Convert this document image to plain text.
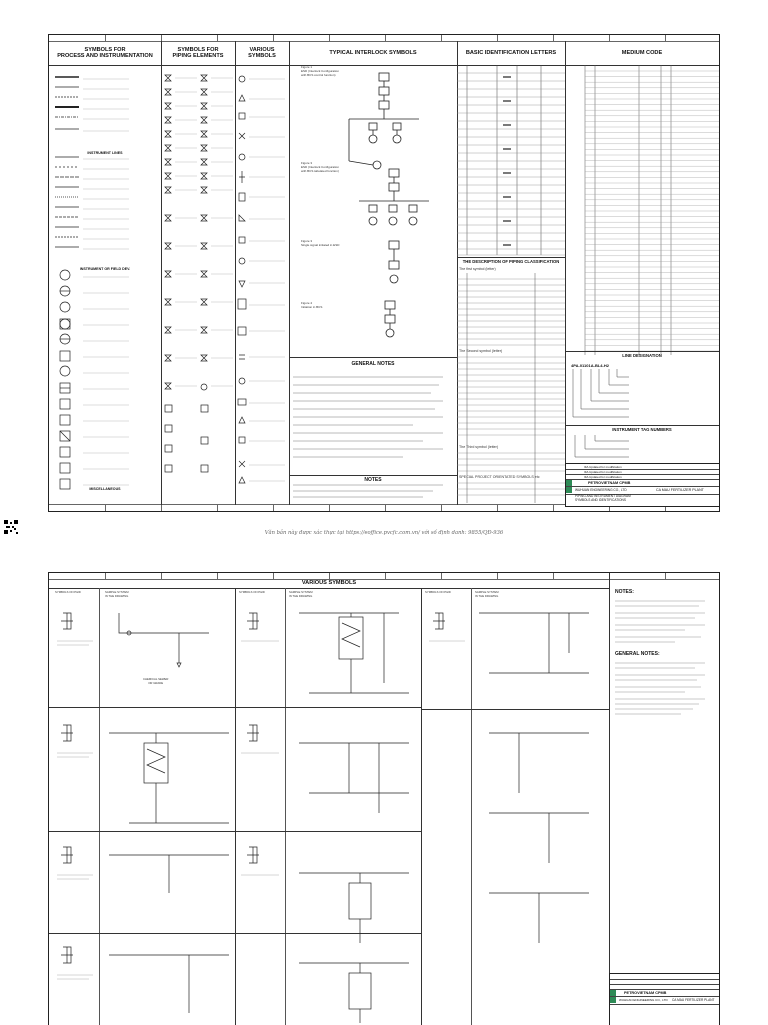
SYMBOLS FOR
PROCESS AND INSTRUMENTATION
SYMBOLS FOR
PIPING ELEMENTS
VARIOUS SYMBOLS
TYPICAL INTERLOCK SYMBOLS	BASIC IDENTIFICATION LETTERS	MEDIUM CODE
INSTRUMENT LINES
INSTRUMENT OR FIELD DEV.
MISCELLANEOUS
Figure 1
ESD (Interlock Configuration
with BCS control function)
Figure 3
ESD (Interlock Configuration
with BCS tabulated function)
Figure 3
Single signal initiated in ESD
Figure 4
Initiation in BCS
GENERAL NOTES
NOTES
THE DESCRIPTION OF PIPING CLASSIFICATION
The first symbol (letter)
The Second symbol (letter)
The Third symbol (letter)
SPECIAL PROJECT ORIENTATED SYMBOLS etc
LINE DESIGNATION
4PA-01101A-BL4-H2
INSTRUMENT TAG NUMBERS
IFA Updated for modification
IFA Updated for modification
IFA Updated for modification
PETROVIETNAM CPMB
WUHUAN ENGINEERING CO., LTD	CA MAU FERTILIZER PLANT
PIPING AND INSTRUMENT DIAGRAM
SYMBOLS AND IDENTIFICATIONS
Văn bản này được xác thực tại https://eoffice.pvcfc.com.vn/ với số định danh: 9855/QĐ-936
VARIOUS SYMBOLS
SYMBOLS ON P&ID	SAMPLE SYSTEM
IN THE DRAWING
SYMBOLS ON P&ID	SAMPLE SYSTEM
IN THE DRAWING
SYMBOLS ON P&ID	SAMPLE SYSTEM
IN THE DRAWING
CHEMICAL SEWER
OR GRADE
NOTES:
GENERAL NOTES:
PETROVIETNAM CPMB
WUHUAN ENGINEERING CO., LTD CA MAU FERTILIZER PLANT
